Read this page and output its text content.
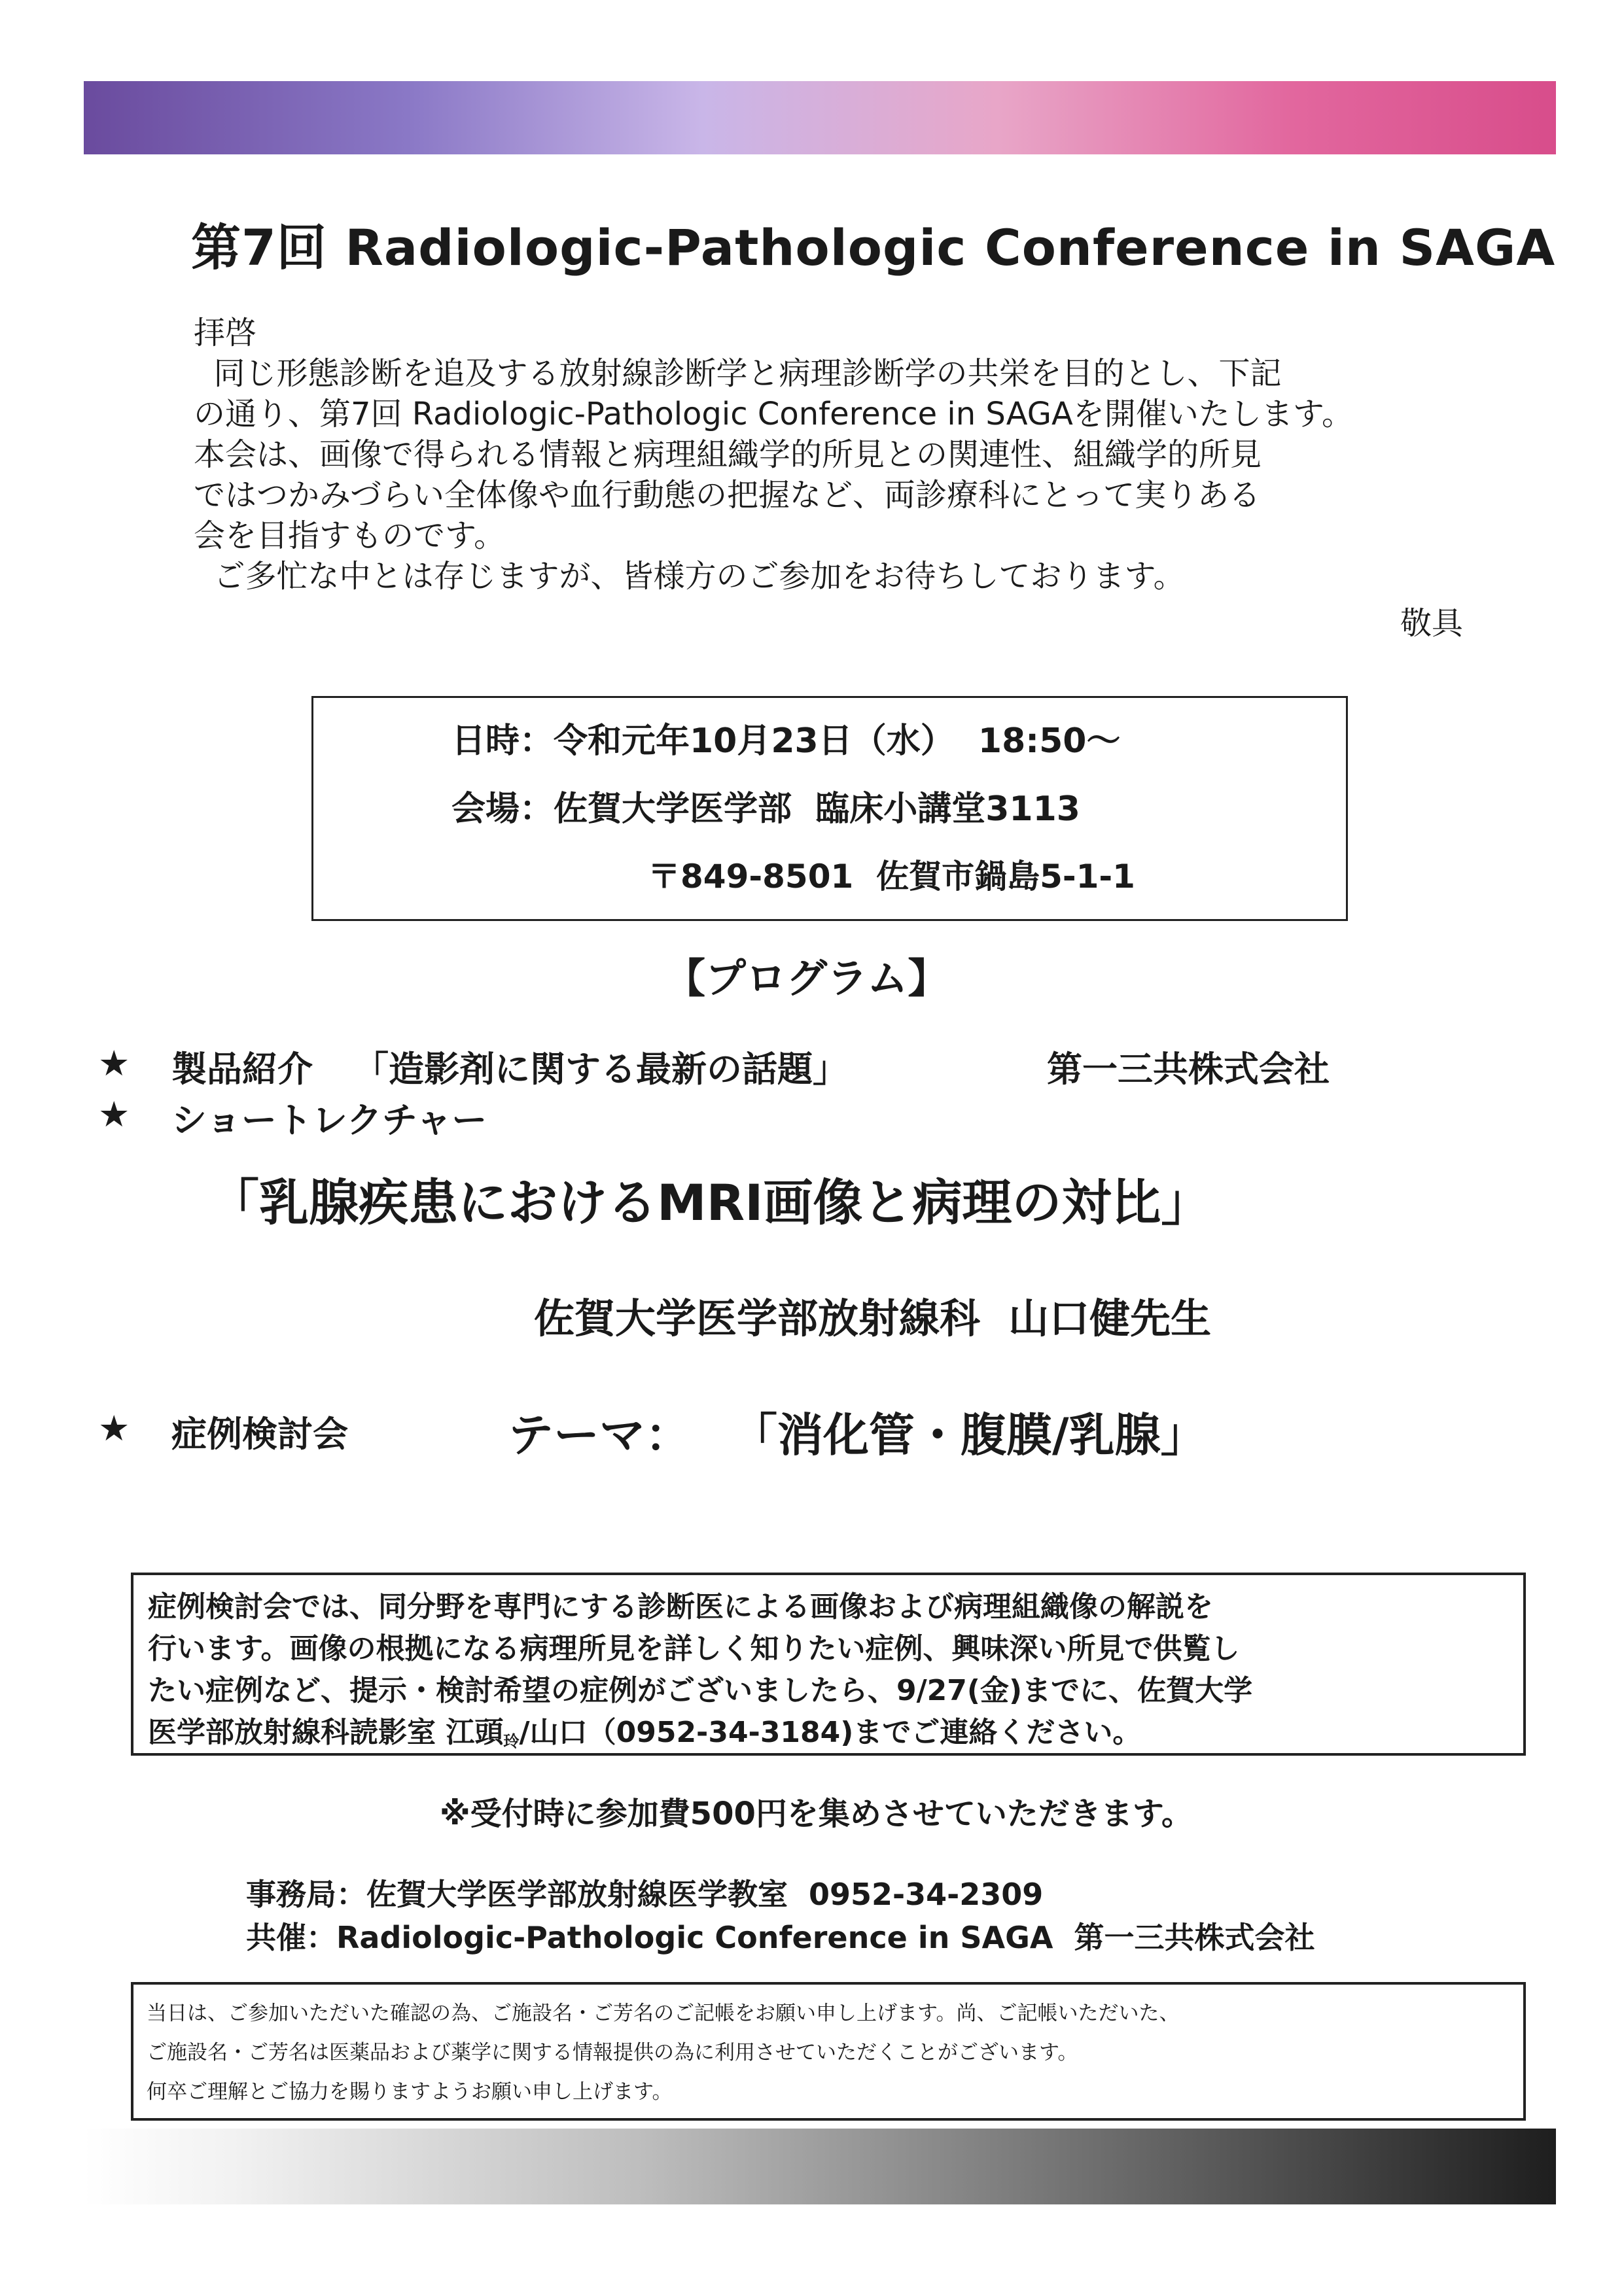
第7回 Radiologic-Pathologic Conference in SAGA
拝啓
同じ形態診断を追及する放射線診断学と病理診断学の共栄を目的とし、下記
の通り、第7回 Radiologic-Pathologic Conference in SAGAを開催いたします。
本会は、画像で得られる情報と病理組織学的所見との関連性、組織学的所見
ではつかみづらい全体像や血行動態の把握など、両診療科にとって実りある
会を目指すものです。
ご多忙な中とは存じますが、皆様方のご参加をお待ちしております。
敬具
日時：令和元年10月23日（水）  18:50～
会場：佐賀大学医学部  臨床小講堂3113
〒849-8501  佐賀市鍋島5-1-1
【プログラム】
★ 製品紹介 「造影剤に関する最新の話題」	第一三共株式会社
★ ショートレクチャー
「乳腺疾患におけるMRI画像と病理の対比」
佐賀大学医学部放射線科  山口健先生
★ 症例検討会	テーマ： 「消化管・腹膜/乳腺」
症例検討会では、同分野を専門にする診断医による画像および病理組織像の解説を
行います。画像の根拠になる病理所見を詳しく知りたい症例、興味深い所見で供覧し
たい症例など、提示・検討希望の症例がございましたら、9/27(金)までに、佐賀大学
医学部放射線科読影室 江頭$_玲$/山口（0952-34-3184)までご連絡ください。
※受付時に参加費500円を集めさせていただきます。
事務局：佐賀大学医学部放射線医学教室  0952-34-2309
共催：Radiologic-Pathologic Conference in SAGA  第一三共株式会社
当日は、ご参加いただいた確認の為、ご施設名・ご芳名のご記帳をお願い申し上げます。尚、ご記帳いただいた、
ご施設名・ご芳名は医薬品および薬学に関する情報提供の為に利用させていただくことがございます。
何卒ご理解とご協力を賜りますようお願い申し上げます。
